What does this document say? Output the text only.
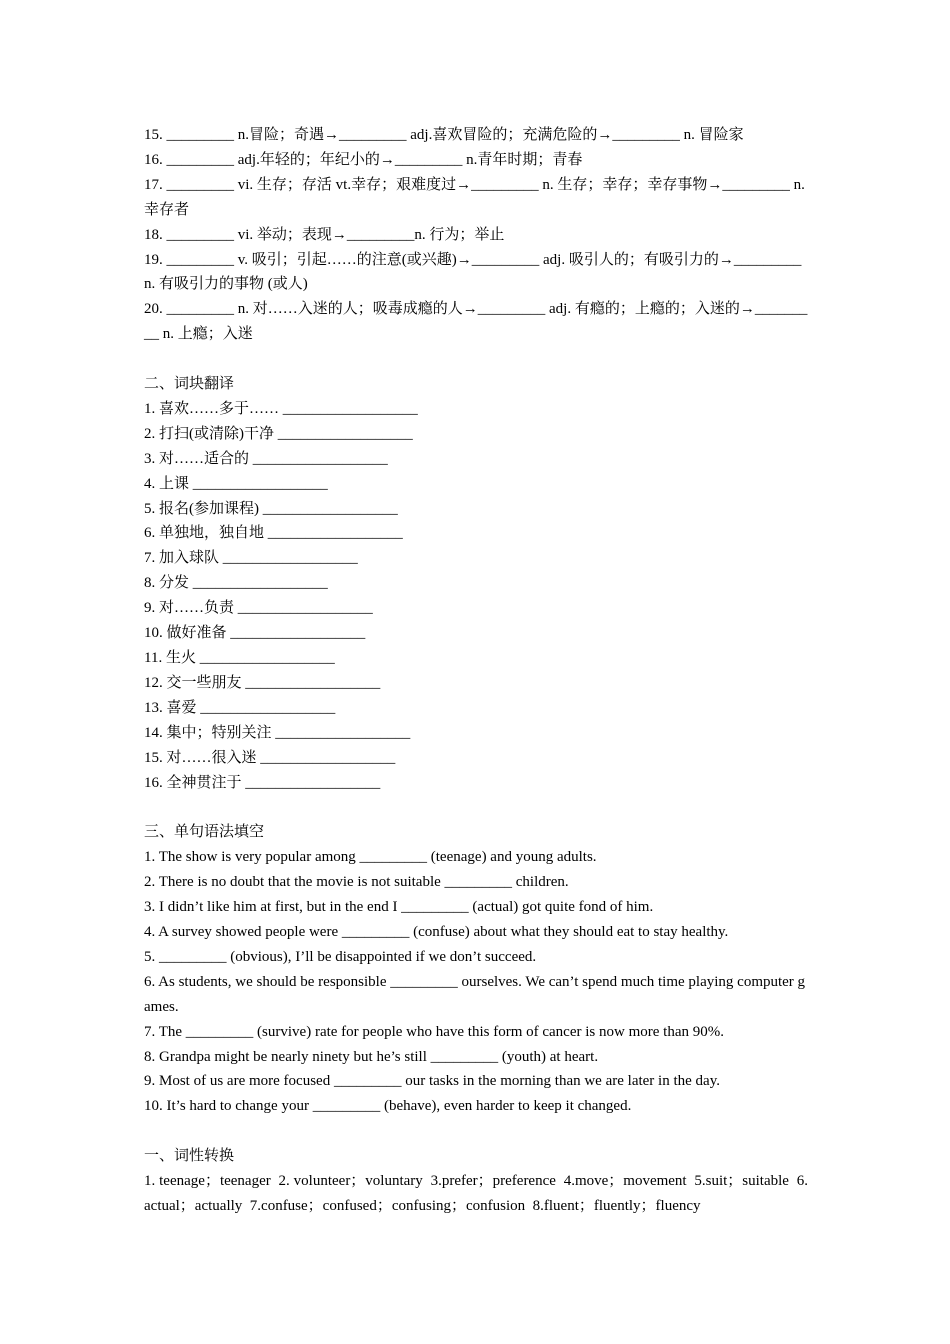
15. _________ n.冒险；奇遇→_________ adj.喜欢冒险的；充满危险的→_________ n. 冒险家
16. _________ adj.年轻的；年纪小的→_________ n.青年时期；青春
17. _________ vi. 生存；存活 vt.幸存；艰难度过→_________ n. 生存；幸存；幸存事物→_________ n.幸存者
18. _________ vi. 举动；表现→_________n. 行为；举止
19. _________ v. 吸引；引起……的注意(或兴趣)→_________ adj. 吸引人的；有吸引力的→_________ n. 有吸引力的事物 (或人)
20. _________ n. 对……入迷的人；吸毒成瘾的人→_________ adj. 有瘾的；上瘾的；入迷的→_________ n. 上瘾；入迷
二、词块翻译
1. 喜欢……多于…… __________________
2. 打扫(或清除)干净 __________________
3. 对……适合的 __________________
4. 上课 __________________
5. 报名(参加课程) __________________
6. 单独地，独自地 __________________
7. 加入球队 __________________
8. 分发 __________________
9. 对……负责 __________________
10. 做好准备 __________________
11. 生火 __________________
12. 交一些朋友 __________________
13. 喜爱 __________________
14. 集中；特别关注 __________________
15. 对……很入迷 __________________
16. 全神贯注于 __________________
三、单句语法填空
1. The show is very popular among _________ (teenage) and young adults.
2. There is no doubt that the movie is not suitable _________ children.
3. I didn’t like him at first, but in the end I _________ (actual) got quite fond of him.
4. A survey showed people were _________ (confuse) about what they should eat to stay healthy.
5. _________ (obvious), I’ll be disappointed if we don’t succeed.
6. As students, we should be responsible _________ ourselves. We can’t spend much time playing computer games.
7. The _________ (survive) rate for people who have this form of cancer is now more than 90%.
8. Grandpa might be nearly ninety but he’s still _________ (youth) at heart.
9. Most of us are more focused _________ our tasks in the morning than we are later in the day.
10. It’s hard to change your _________ (behave), even harder to keep it changed.
一、词性转换
1. teenage；teenager  2. volunteer；voluntary  3.prefer；preference  4.move；movement  5.suit；suitable  6.actual；actually  7.confuse；confused；confusing；confusion  8.fluent；fluently；fluency
